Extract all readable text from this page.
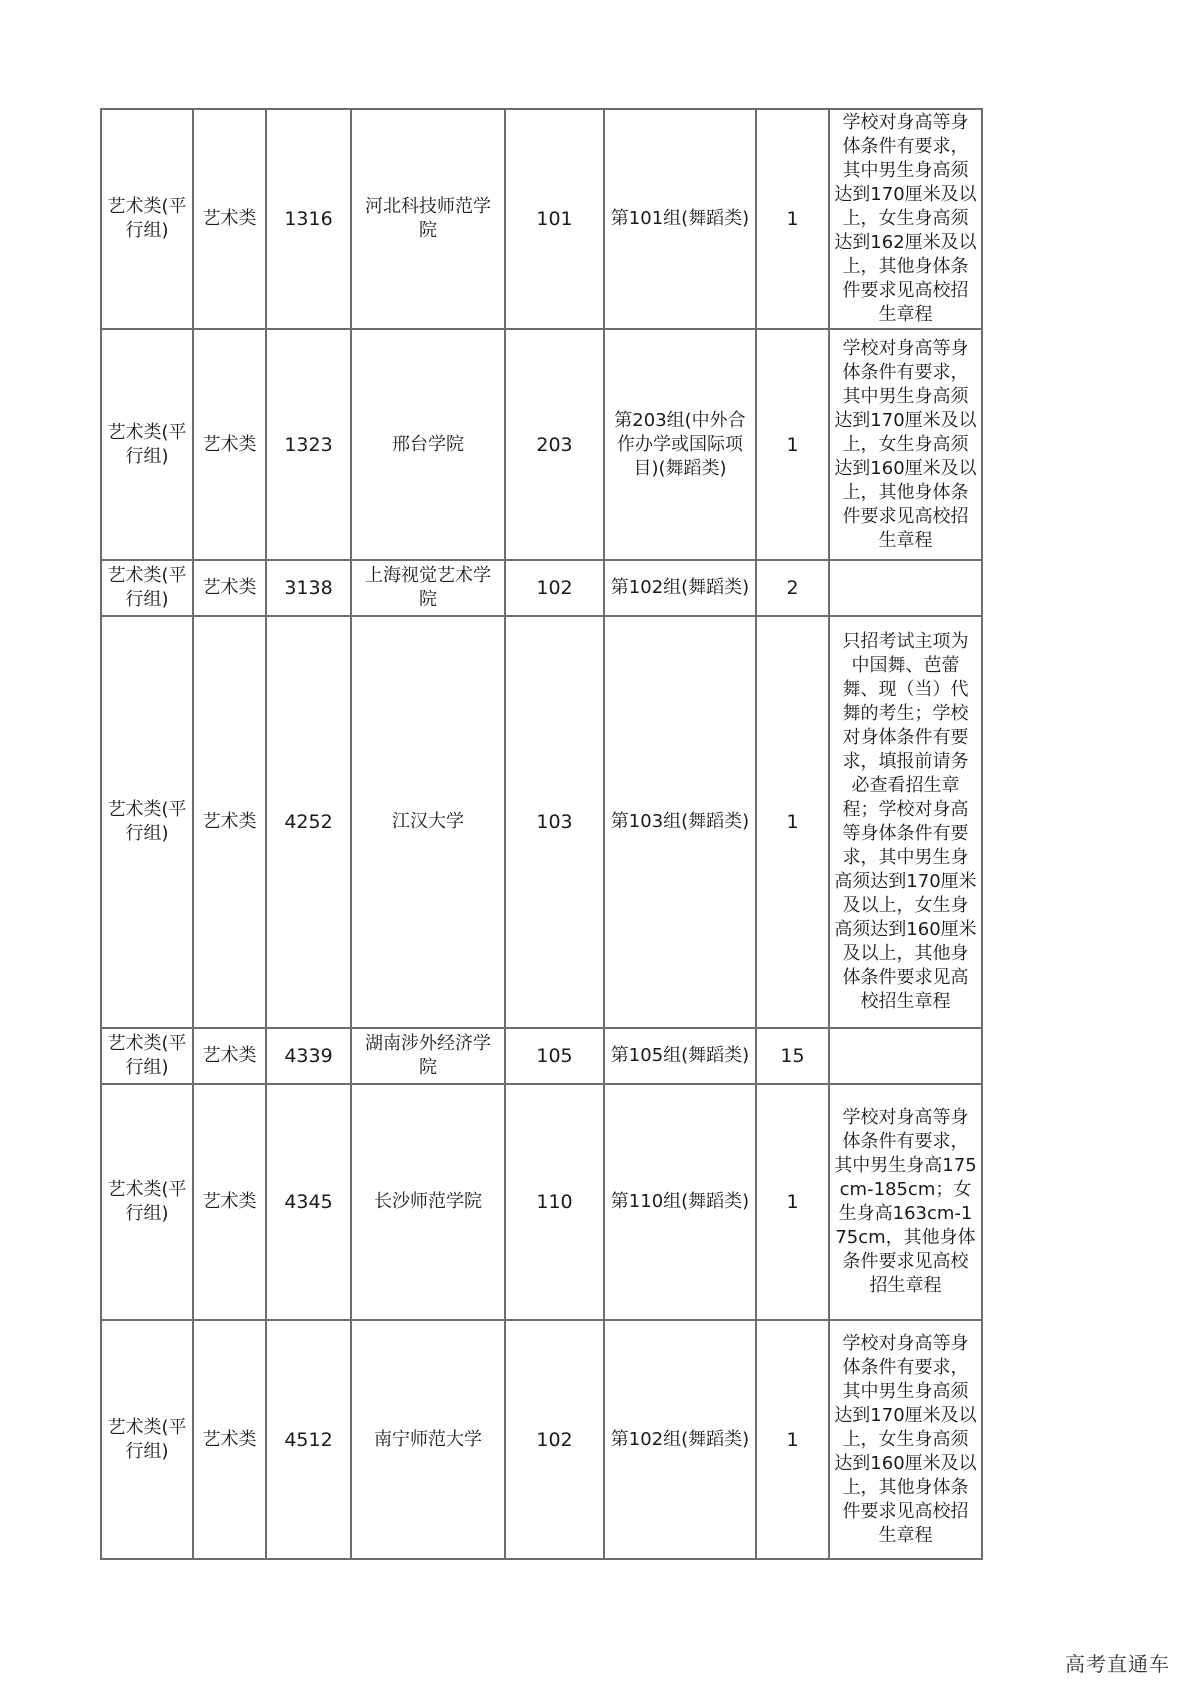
艺术类(平行组)	艺术类	1316	河北科技师范学院	101	第101组(舞蹈类)	1	学校对身高等身体条件有要求，其中男生身高须达到170厘米及以上，女生身高须达到162厘米及以上，其他身体条件要求见高校招生章程
艺术类(平行组)	艺术类	1323	邢台学院	203	第203组(中外合作办学或国际项目)(舞蹈类)	1	学校对身高等身体条件有要求，其中男生身高须达到170厘米及以上，女生身高须达到160厘米及以上，其他身体条件要求见高校招生章程
艺术类(平行组)	艺术类	3138	上海视觉艺术学院	102	第102组(舞蹈类)	2	
艺术类(平行组)	艺术类	4252	江汉大学	103	第103组(舞蹈类)	1	只招考试主项为中国舞、芭蕾舞、现（当）代舞的考生；学校对身体条件有要求，填报前请务必查看招生章程；学校对身高等身体条件有要求，其中男生身高须达到170厘米及以上，女生身高须达到160厘米及以上，其他身体条件要求见高校招生章程
艺术类(平行组)	艺术类	4339	湖南涉外经济学院	105	第105组(舞蹈类)	15	
艺术类(平行组)	艺术类	4345	长沙师范学院	110	第110组(舞蹈类)	1	学校对身高等身体条件有要求，其中男生身高175cm-185cm；女生身高163cm-175cm，其他身体条件要求见高校招生章程
艺术类(平行组)	艺术类	4512	南宁师范大学	102	第102组(舞蹈类)	1	学校对身高等身体条件有要求，其中男生身高须达到170厘米及以上，女生身高须达到160厘米及以上，其他身体条件要求见高校招生章程
高考直通车
